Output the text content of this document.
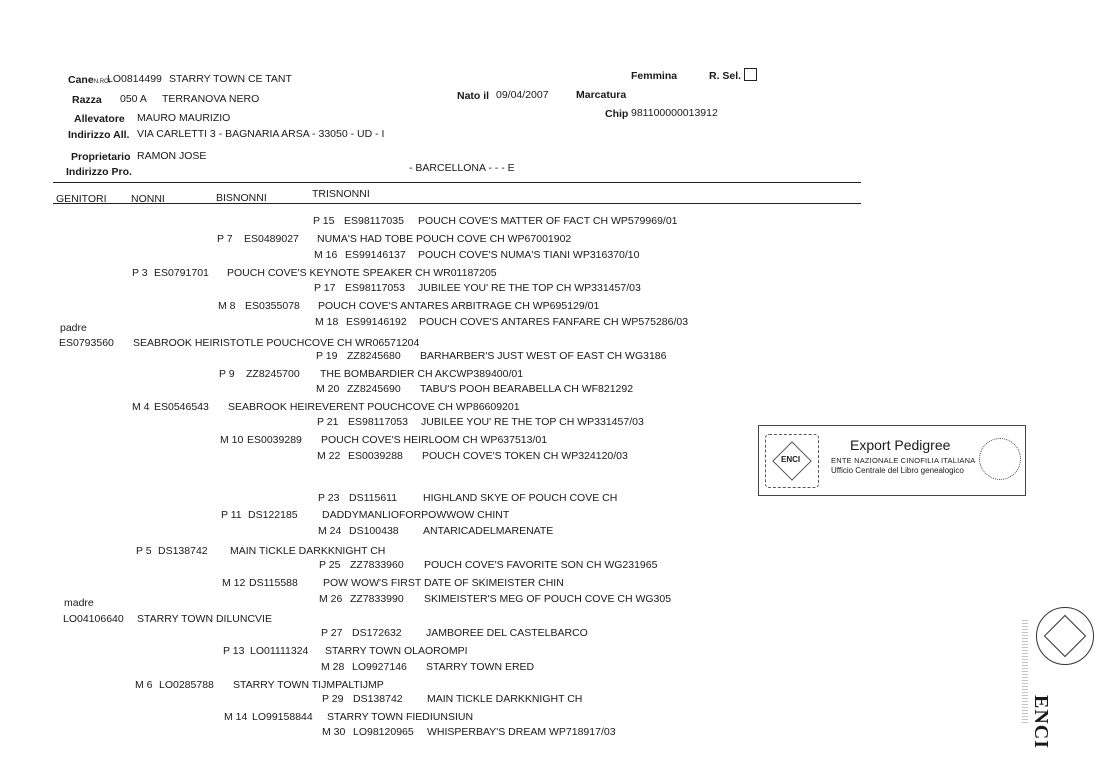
CaneN.ROI
LO0814499 STARRY TOWN CE TANT	Femmina	R. Sel.
Razza 050 A TERRANOVA NERO	Nato il 09/04/2007	Marcatura
Chip 981100000013912
Allevatore MAURO MAURIZIO
Indirizzo All. VIA CARLETTI 3 - BAGNARIA ARSA - 33050 - UD - I
Proprietario RAMON JOSE
Indirizzo Pro.	- BARCELLONA - - - E
GENITORI NONNI	BISNONNI	TRISNONNI
padre
ES0793560 SEABROOK HEIRISTOTLE POUCHCOVE CH WR06571204
madre
LO04106640 STARRY TOWN DILUNCVIE
P 15 ES98117035 POUCH COVE'S MATTER OF FACT CH WP579969/01
P 7 ES0489027 NUMA'S HAD TOBE POUCH COVE CH WP67001902
M 16 ES99146137 POUCH COVE'S NUMA'S TIANI WP316370/10
P 3 ES0791701 POUCH COVE'S KEYNOTE SPEAKER CH WR01187205
P 17 ES98117053 JUBILEE YOU' RE THE TOP CH WP331457/03
M 8 ES0355078 POUCH COVE'S ANTARES ARBITRAGE CH WP695129/01
M 18 ES99146192 POUCH COVE'S ANTARES FANFARE CH WP575286/03
P 19 ZZ8245680 BARHARBER'S JUST WEST OF EAST CH WG3186
P 9 ZZ8245700 THE BOMBARDIER CH AKCWP389400/01
M 20 ZZ8245690 TABU'S POOH BEARABELLA CH WF821292
M 4 ES0546543 SEABROOK HEIREVERENT POUCHCOVE CH WP86609201
P 21 ES98117053 JUBILEE YOU' RE THE TOP CH WP331457/03
M 10 ES0039289 POUCH COVE'S HEIRLOOM CH WP637513/01
M 22 ES0039288 POUCH COVE'S TOKEN CH WP324120/03
P 23 DS115611 HIGHLAND SKYE OF POUCH COVE CH
P 11 DS122185 DADDYMANLIOFORPOWWOW CHINT
M 24 DS100438 ANTARICADELMARENATE
P 5 DS138742 MAIN TICKLE DARKKNIGHT CH
P 25 ZZ7833960 POUCH COVE'S FAVORITE SON CH WG231965
M 12 DS115588 POW WOW'S FIRST DATE OF SKIMEISTER CHIN
M 26 ZZ7833990 SKIMEISTER'S MEG OF POUCH COVE CH WG305
P 27 DS172632 JAMBOREE DEL CASTELBARCO
P 13 LO01111324 STARRY TOWN OLAOROMPI
M 28 LO9927146 STARRY TOWN ERED
M 6 LO0285788 STARRY TOWN TIJMPALTIJMP
P 29 DS138742 MAIN TICKLE DARKKNIGHT CH
M 14 LO99158844 STARRY TOWN FIEDIUNSIUN
M 30 LO98120965 WHISPERBAY'S DREAM WP718917/03
ENCI
Export Pedigree
ENTE NAZIONALE CINOFILIA ITALIANA
Ufficio Centrale del Libro genealogico
ENCI
